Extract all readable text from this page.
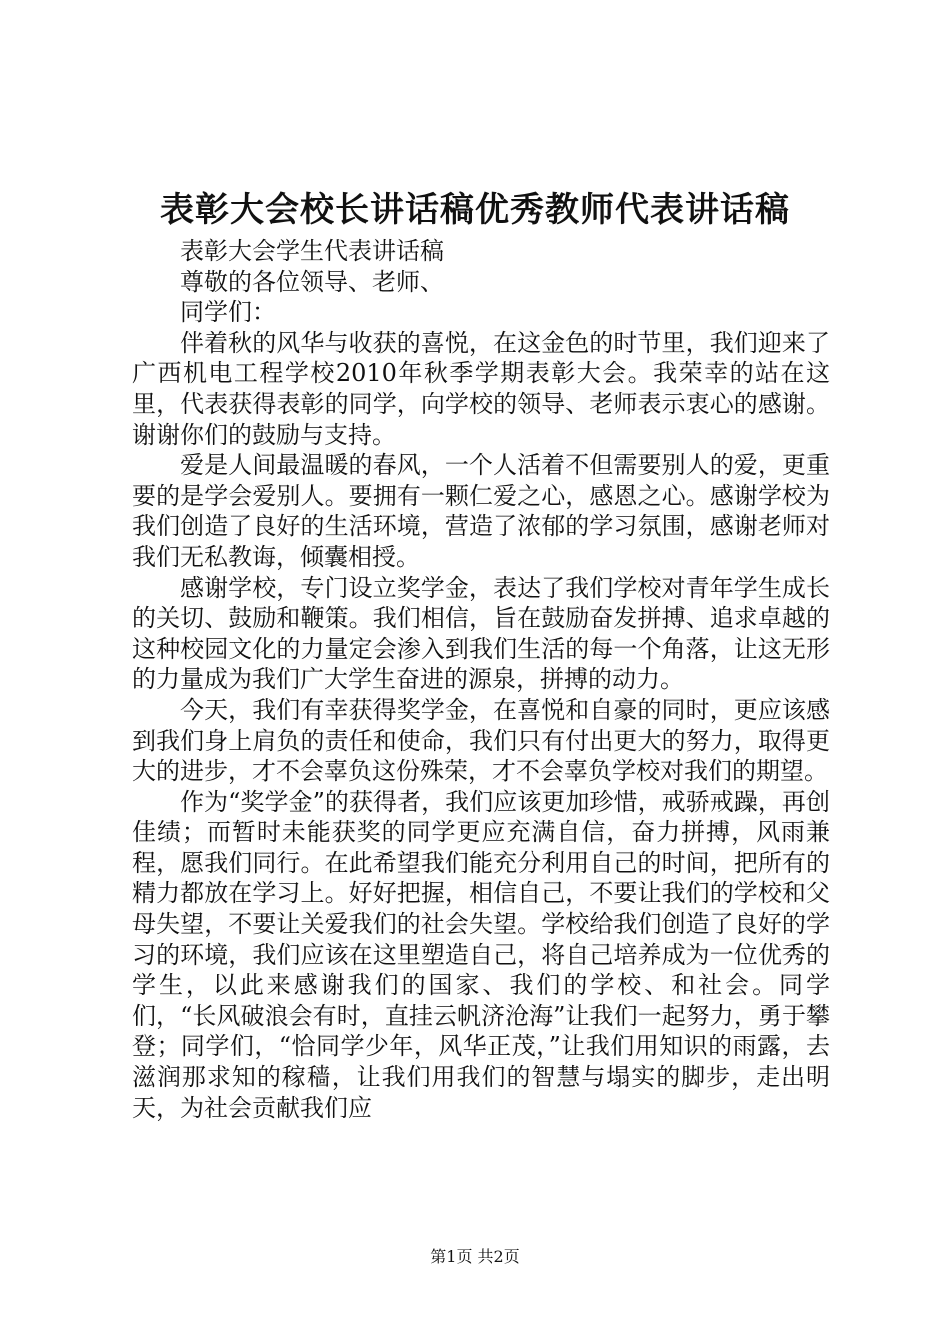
表彰大会校长讲话稿优秀教师代表讲话稿

表彰大会学生代表讲话稿

尊敬的各位领导、老师、

同学们：

伴着秋的风华与收获的喜悦，在这金色的时节里，我们迎来了广西机电工程学校2010年秋季学期表彰大会。我荣幸的站在这里，代表获得表彰的同学，向学校的领导、老师表示衷心的感谢。谢谢你们的鼓励与支持。

爱是人间最温暖的春风，一个人活着不但需要别人的爱，更重要的是学会爱别人。要拥有一颗仁爱之心，感恩之心。感谢学校为我们创造了良好的生活环境，营造了浓郁的学习氛围，感谢老师对我们无私教诲，倾囊相授。

感谢学校，专门设立奖学金，表达了我们学校对青年学生成长的关切、鼓励和鞭策。我们相信，旨在鼓励奋发拼搏、追求卓越的这种校园文化的力量定会渗入到我们生活的每一个角落，让这无形的力量成为我们广大学生奋进的源泉，拼搏的动力。

今天，我们有幸获得奖学金，在喜悦和自豪的同时，更应该感到我们身上肩负的责任和使命，我们只有付出更大的努力，取得更大的进步，才不会辜负这份殊荣，才不会辜负学校对我们的期望。

作为“奖学金”的获得者，我们应该更加珍惜，戒骄戒躁，再创佳绩；而暂时未能获奖的同学更应充满自信，奋力拼搏，风雨兼程，愿我们同行。在此希望我们能充分利用自己的时间，把所有的精力都放在学习上。好好把握，相信自己，不要让我们的学校和父母失望，不要让关爱我们的社会失望。学校给我们创造了良好的学习的环境，我们应该在这里塑造自己，将自己培养成为一位优秀的学生，以此来感谢我们的国家、我们的学校、和社会。同学们，“长风破浪会有时，直挂云帆济沧海”让我们一起努力，勇于攀登；同学们，“恰同学少年，风华正茂，”让我们用知识的雨露，去滋润那求知的稼穑，让我们用我们的智慧与塌实的脚步，走出明天，为社会贡献我们应

第1页 共2页
